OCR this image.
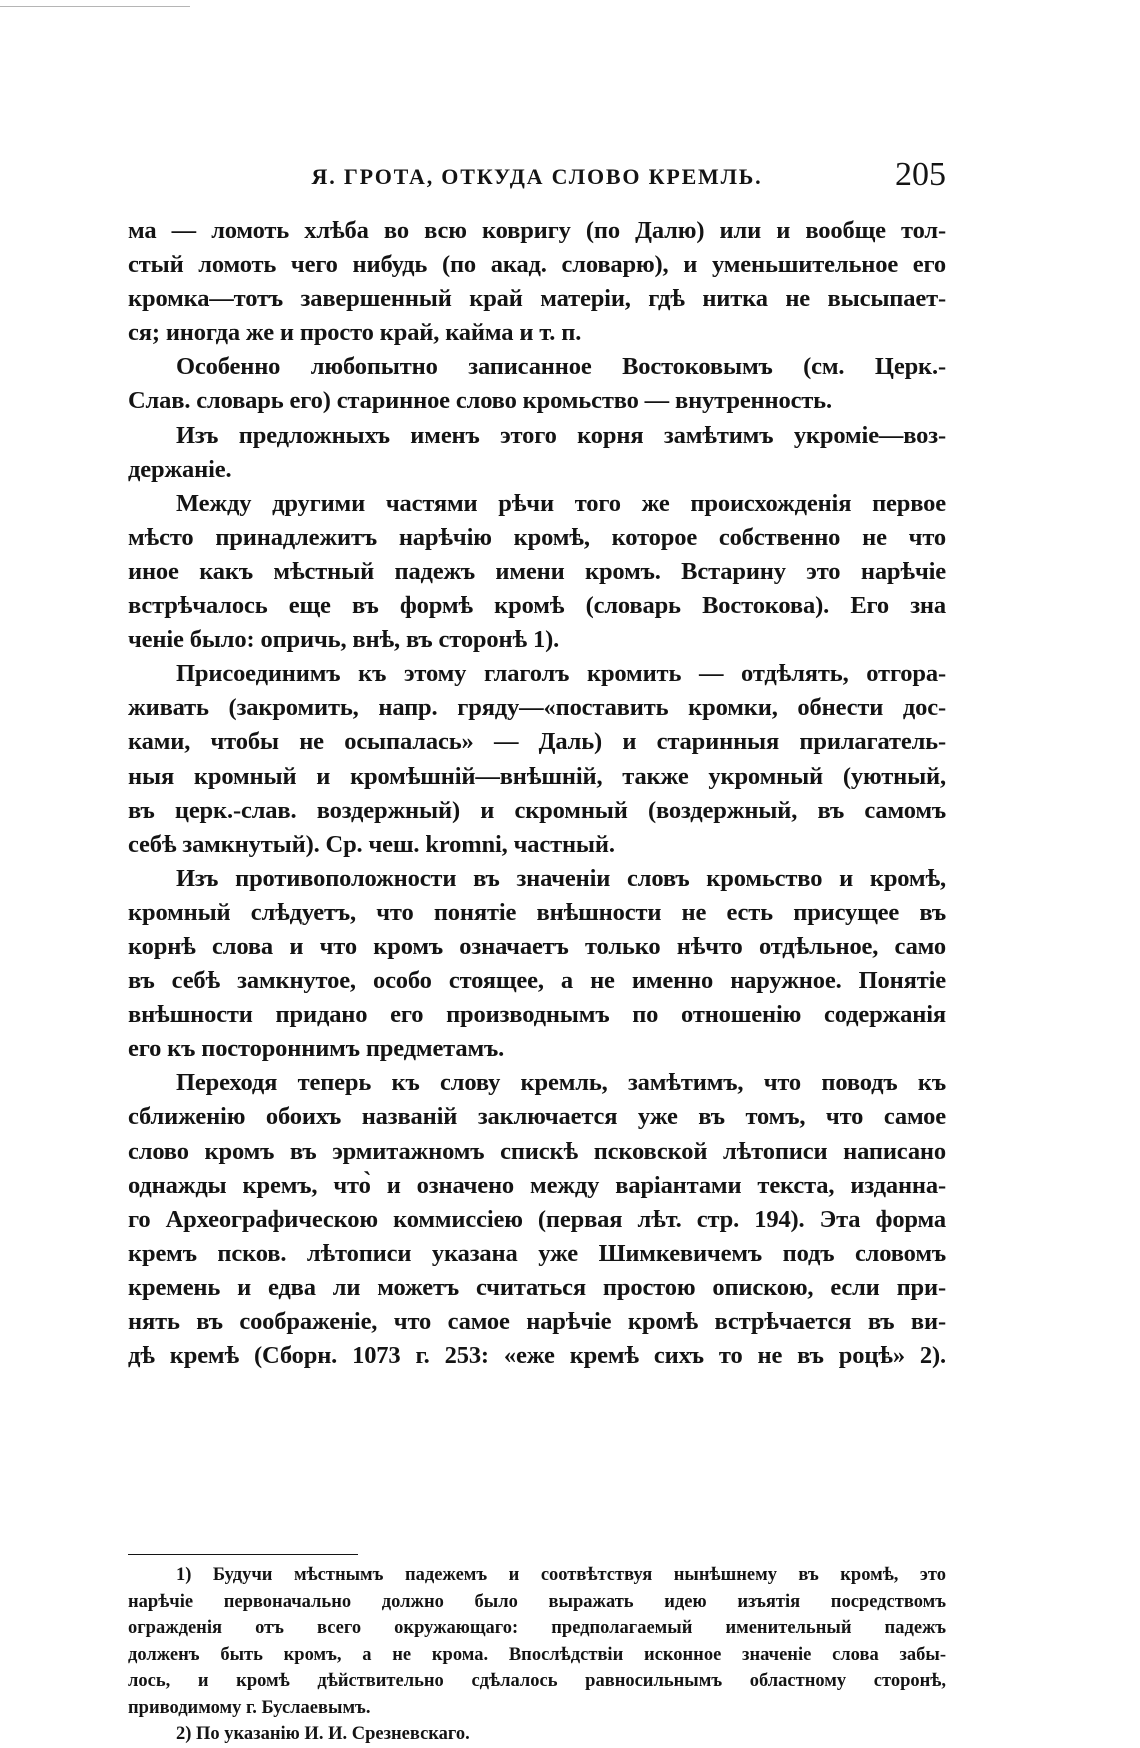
Я. ГРОТА, ОТКУДА СЛОВО КРЕМЛЬ.	205
ма — ломоть хлѣба во всю ковригу (по Далю) или и вообще тол-
стый ломоть чего нибудь (по акад. словарю), и уменьшительное его
кромка—тотъ завершенный край матеріи, гдѣ нитка не высыпает-
ся; иногда же и просто край, кайма и т. п.
Особенно любопытно записанное Востоковымъ (см. Церк.-
Слав. словарь его) старинное слово кромьство — внутренность.
Изъ предложныхъ именъ этого корня замѣтимъ укроміе—воз-
держаніе.
Между другими частями рѣчи того же происхожденія первое
мѣсто принадлежитъ нарѣчію кромѣ, которое собственно не что
иное какъ мѣстный падежъ имени кромъ. Встарину это нарѣчіе
встрѣчалось еще въ формѣ кромѣ (словарь Востокова). Его зна
ченіе было: опричь, внѣ, въ сторонѣ 1).
Присоединимъ къ этому глаголъ кромить — отдѣлять, отгора-
живать (закромить, напр. гряду—«поставить кромки, обнести дос-
ками, чтобы не осыпалась» — Даль) и старинныя прилагатель-
ныя кромный и кромѣшній—внѣшній, также укромный (уютный,
въ церк.-слав. воздержный) и скромный (воздержный, въ самомъ
себѣ замкнутый). Ср. чеш. kromni, частный.
Изъ противоположности въ значеніи словъ кромьство и кромѣ,
кромный слѣдуетъ, что понятіе внѣшности не есть присущее въ
корнѣ слова и что кромъ означаетъ только нѣчто отдѣльное, само
въ себѣ замкнутое, особо стоящее, а не именно наружное. Понятіе
внѣшности придано его производнымъ по отношенію содержанія
его къ постороннимъ предметамъ.
Переходя теперь къ слову кремль, замѣтимъ, что поводъ къ
сближенію обоихъ названій заключается уже въ томъ, что самое
слово кромъ въ эрмитажномъ спискѣ псковской лѣтописи написано
однажды кремъ, что̀ и означено между варіантами текста, изданна-
го Археографическою коммиссіею (первая лѣт. стр. 194). Эта форма
кремъ псков. лѣтописи указана уже Шимкевичемъ подъ словомъ
кремень и едва ли можетъ считаться простою опискою, если при-
нять въ соображеніе, что самое нарѣчіе кромѣ встрѣчается въ ви-
дѣ кремѣ (Сборн. 1073 г. 253: «еже кремѣ сихъ то не въ роцѣ» 2).
1) Будучи мѣстнымъ падежемъ и соотвѣтствуя нынѣшнему въ кромѣ, это
нарѣчіе первоначально должно было выражать идею изъятія посредствомъ
огражденія отъ всего окружающаго: предполагаемый именительный падежъ
долженъ быть кромъ, а не крома. Впослѣдствіи исконное значеніе слова забы-
лось, и кромѣ дѣйствительно сдѣлалось равносильнымъ областному сторонѣ,
приводимому г. Буслаевымъ.
2) По указанію И. И. Срезневскаго.
